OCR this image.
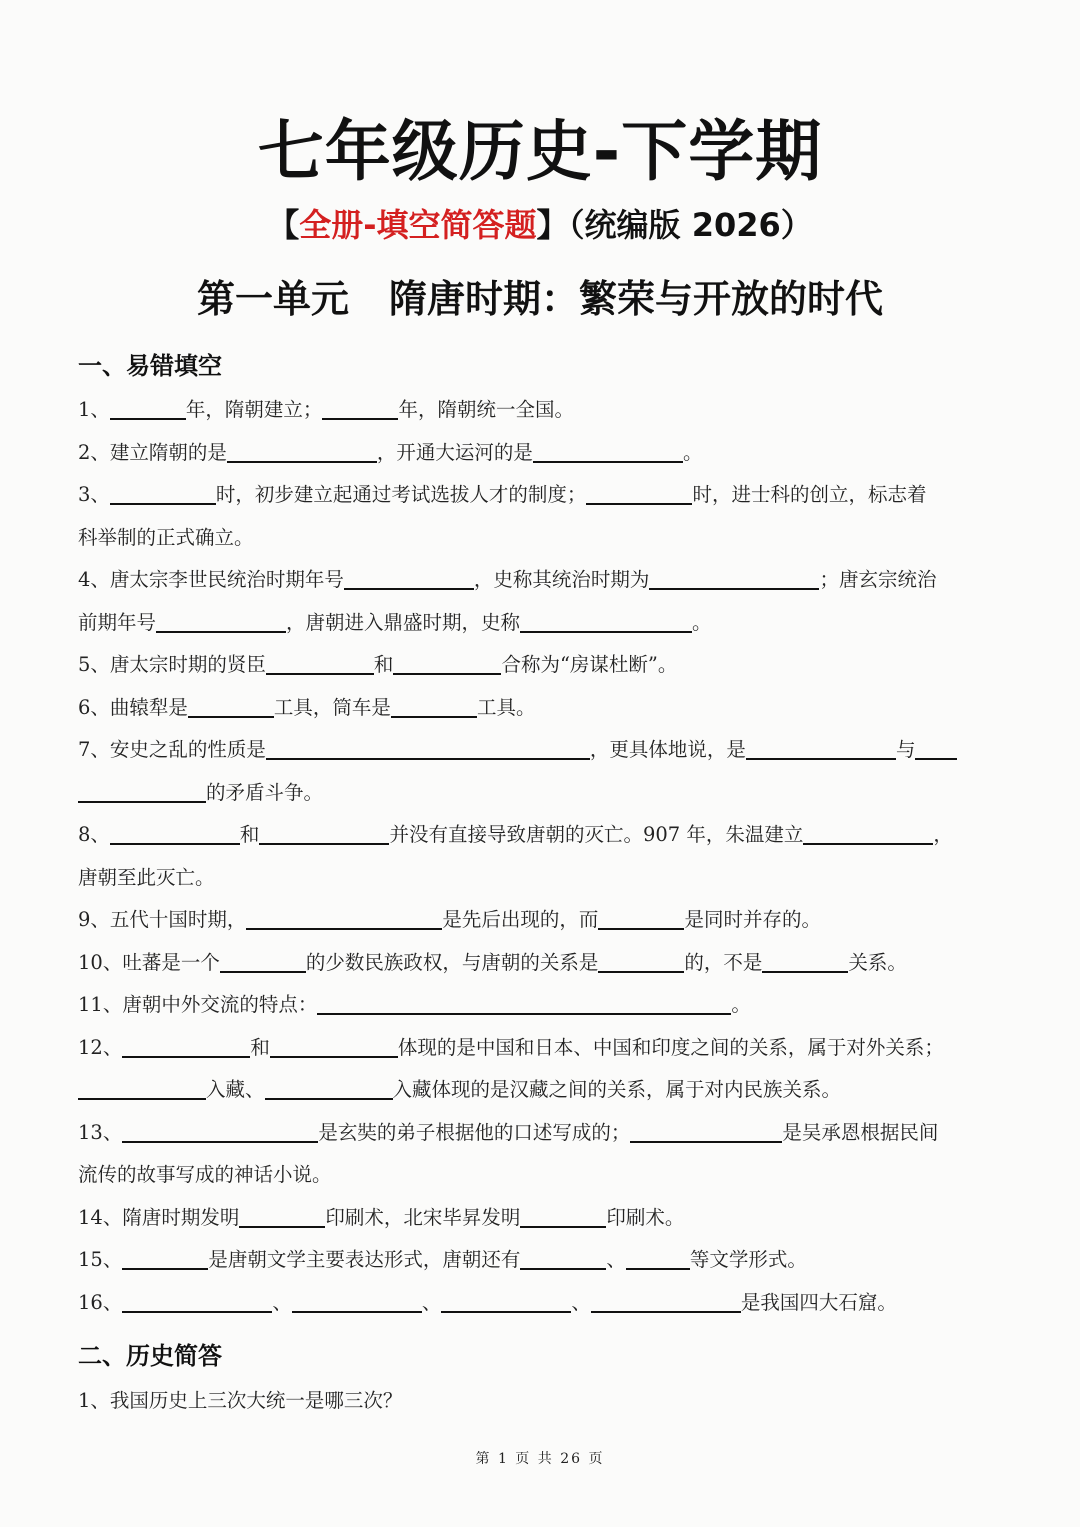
七年级历史-下学期
【全册-填空简答题】（统编版 2026）
第一单元 隋唐时期：繁荣与开放的时代
一、易错填空
1、	年，隋朝建立；	年，隋朝统一全国。
2、建立隋朝的是	，开通大运河的是	。
3、	时，初步建立起通过考试选拔人才的制度；	时，进士科的创立，标志着
科举制的正式确立。
4、唐太宗李世民统治时期年号	，史称其统治时期为	；唐玄宗统治
前期年号	，唐朝进入鼎盛时期，史称	。
5、唐太宗时期的贤臣	和	合称为“房谋杜断”。
6、曲辕犁是	工具，筒车是	工具。
7、安史之乱的性质是	，更具体地说，是	与
的矛盾斗争。
8、	和	并没有直接导致唐朝的灭亡。907 年，朱温建立	，
唐朝至此灭亡。
9、五代十国时期，	是先后出现的，而	是同时并存的。
10、吐蕃是一个	的少数民族政权，与唐朝的关系是	的，不是	关系。
11、唐朝中外交流的特点：	。
12、	和	体现的是中国和日本、中国和印度之间的关系，属于对外关系；
入藏、	入藏体现的是汉藏之间的关系，属于对内民族关系。
13、	是玄奘的弟子根据他的口述写成的；	是吴承恩根据民间
流传的故事写成的神话小说。
14、隋唐时期发明	印刷术，北宋毕昇发明	印刷术。
15、	是唐朝文学主要表达形式，唐朝还有	、	等文学形式。
16、	、	、	、	是我国四大石窟。
二、历史简答
1、我国历史上三次大统一是哪三次？
第 1 页 共 26 页
